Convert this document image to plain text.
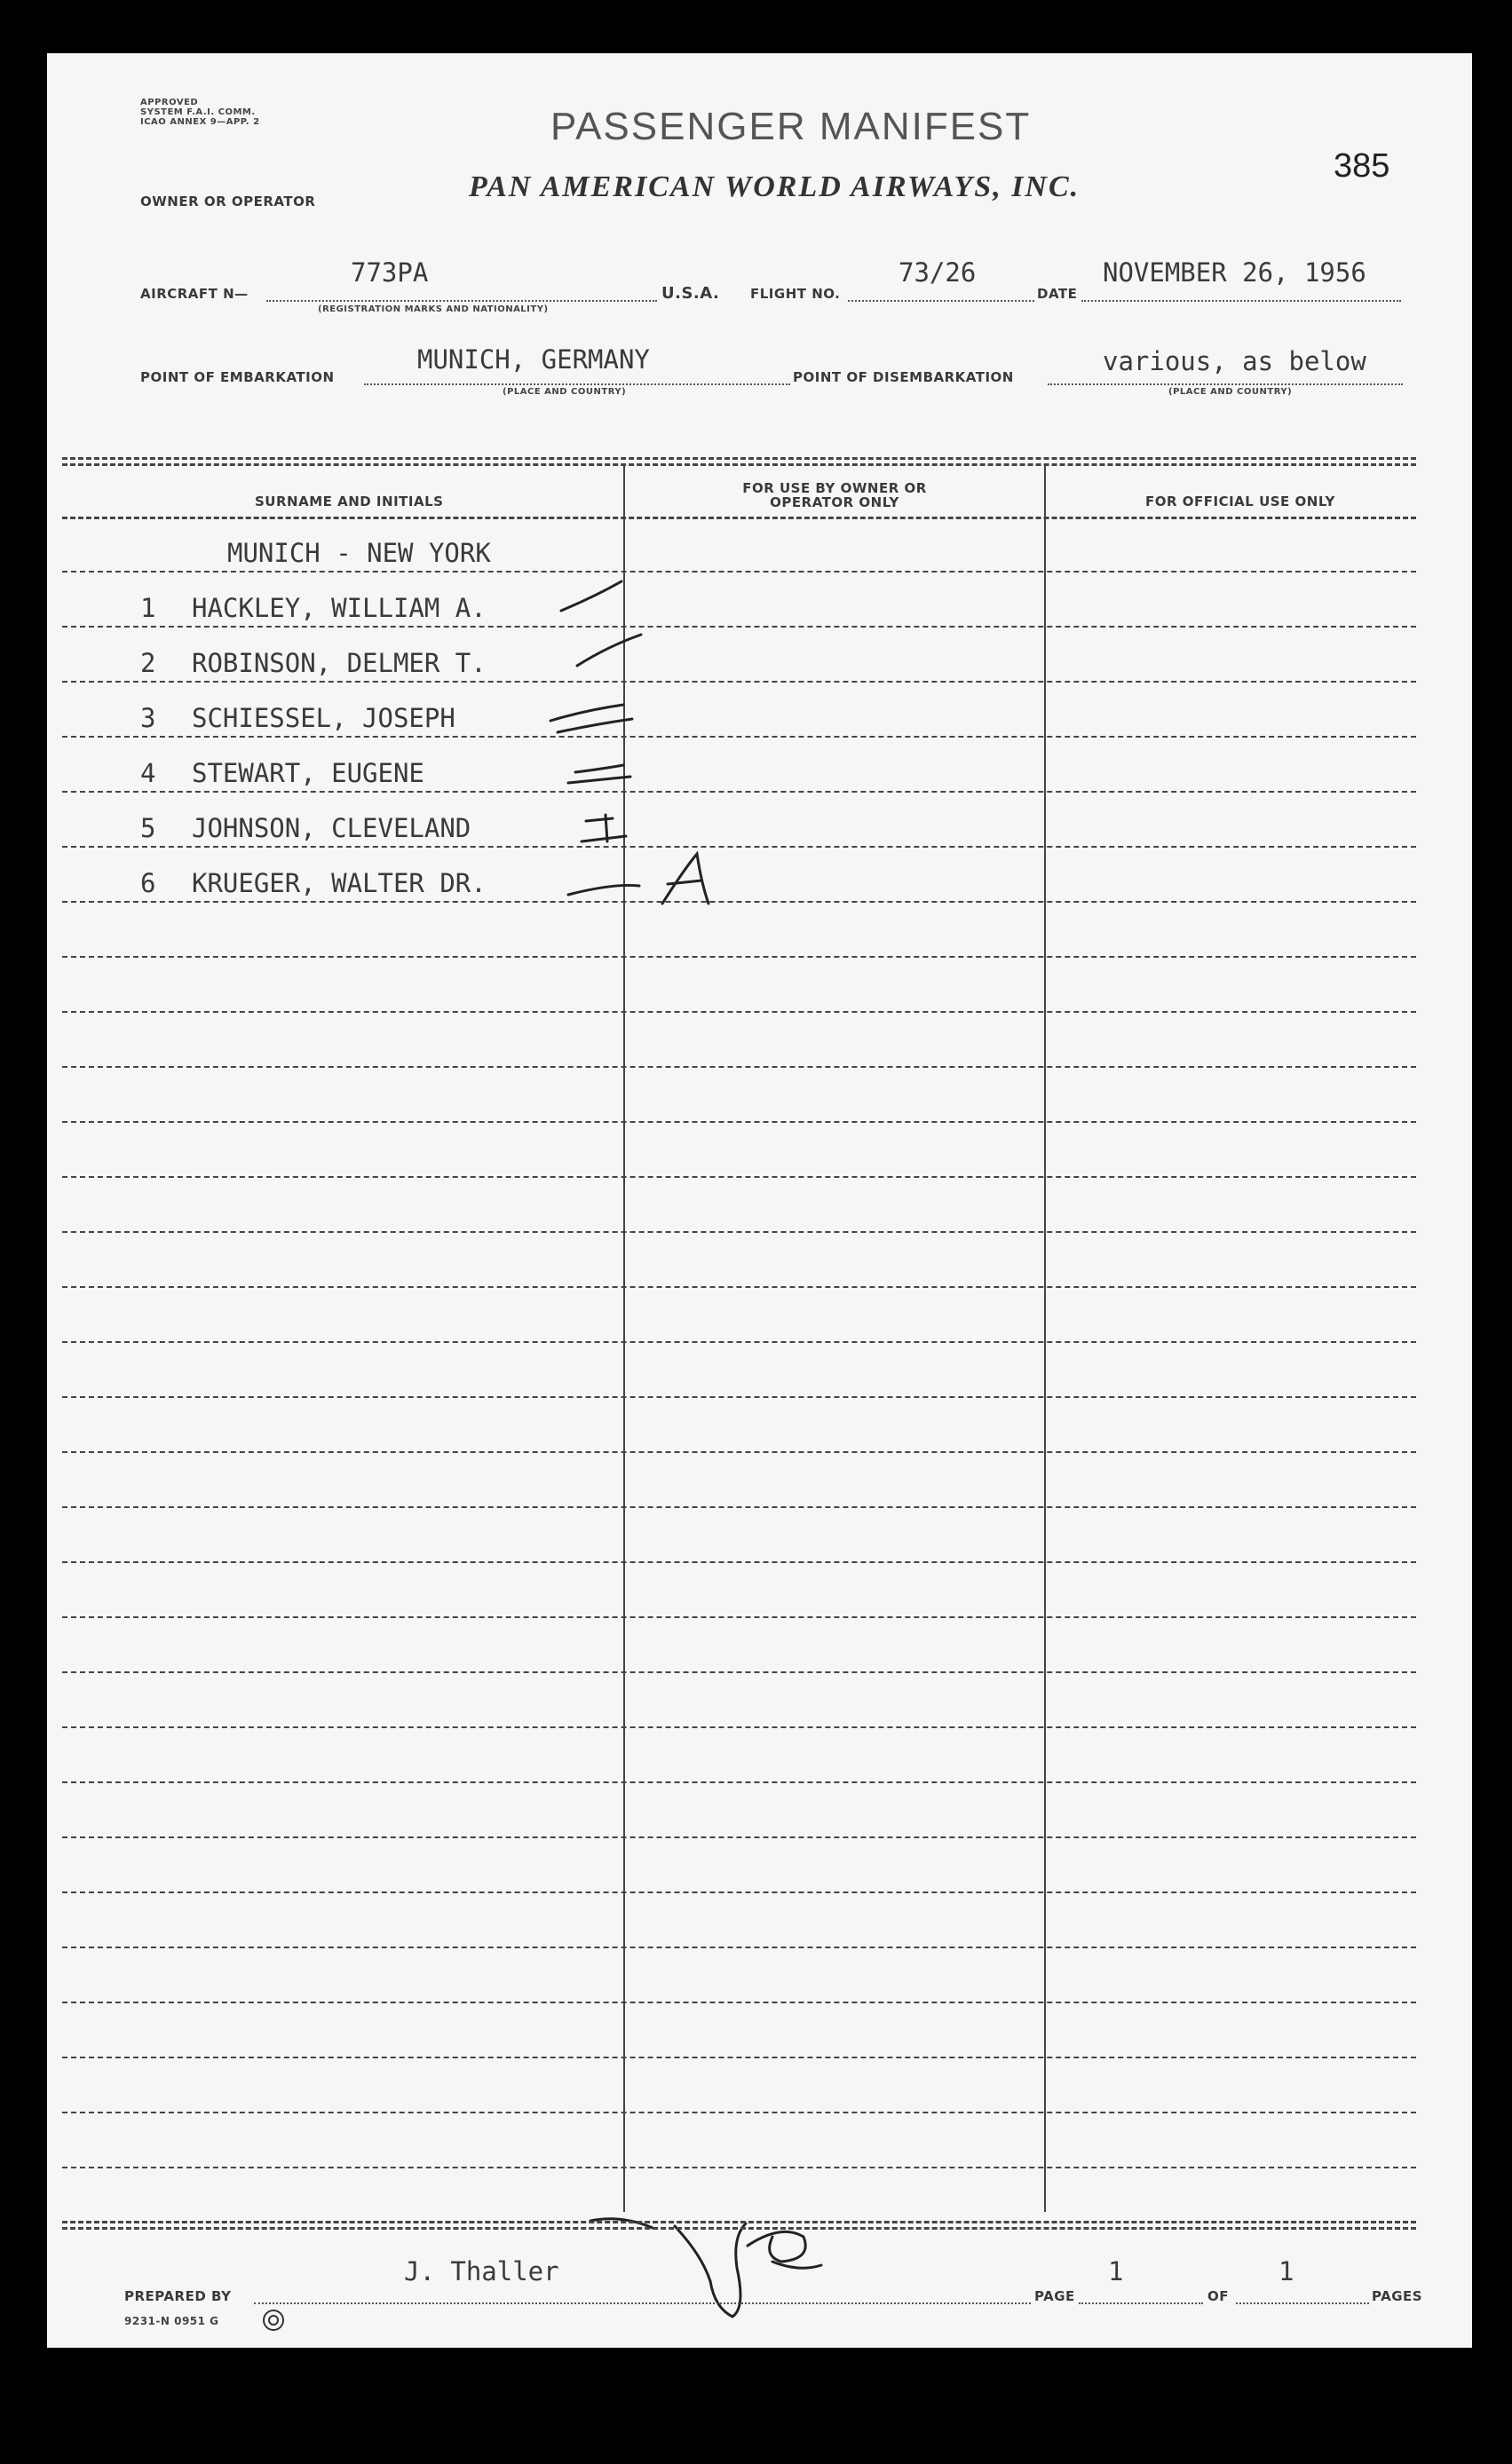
APPROVED
SYSTEM F.A.I. COMM.
ICAO ANNEX 9—APP. 2	PASSENGER MANIFEST
385
OWNER OR OPERATOR	PAN AMERICAN WORLD AIRWAYS, INC.
AIRCRAFT N—
773PA
(REGISTRATION MARKS AND NATIONALITY)
U.S.A. FLIGHT NO.
73/26
DATE
NOVEMBER 26, 1956
POINT OF EMBARKATION
MUNICH, GERMANY
(PLACE AND COUNTRY)
POINT OF DISEMBARKATION
various, as below
(PLACE AND COUNTRY)
SURNAME AND INITIALS
FOR USE BY OWNER OR OPERATOR ONLY	FOR OFFICIAL USE ONLY
MUNICH - NEW YORK
1 HACKLEY, WILLIAM A.
2 ROBINSON, DELMER T.
3 SCHIESSEL, JOSEPH
4 STEWART, EUGENE
5 JOHNSON, CLEVELAND
6 KRUEGER, WALTER DR.
J. Thaller
PREPARED BY	PAGE
1
OF
1
PAGES
9231-N 0951 G
